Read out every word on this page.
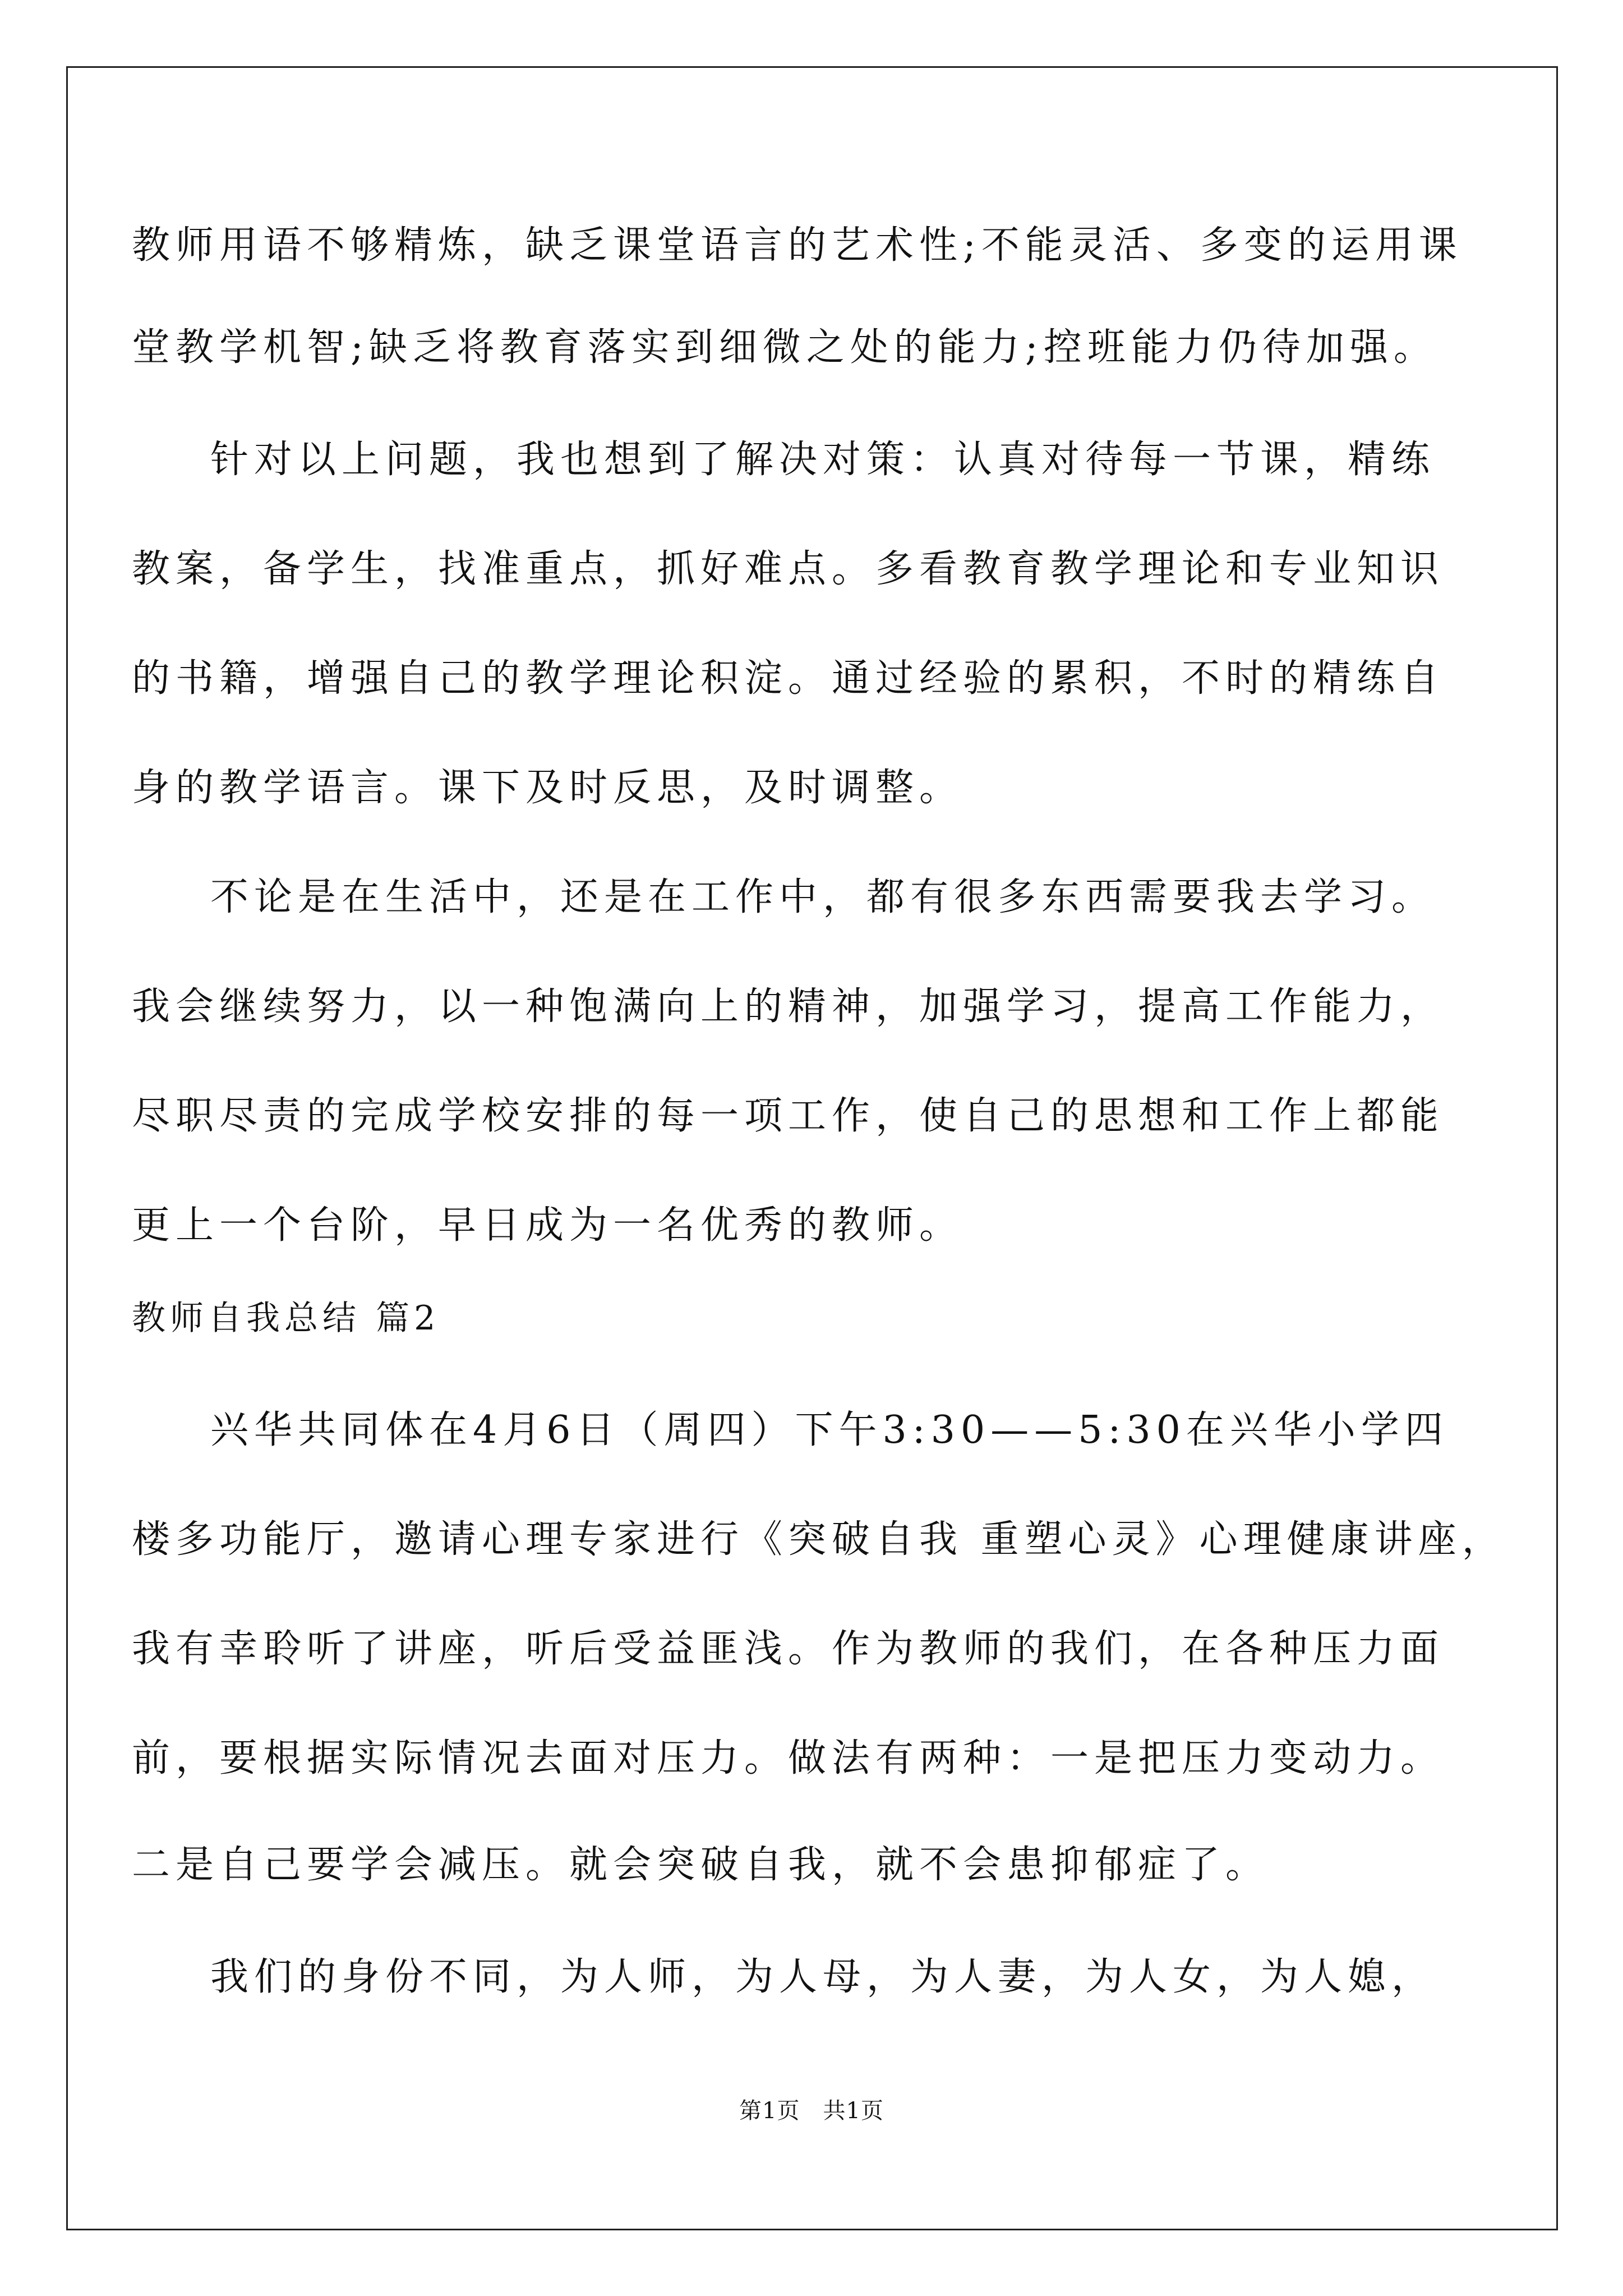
教师用语不够精炼，缺乏课堂语言的艺术性;不能灵活、多变的运用课
堂教学机智;缺乏将教育落实到细微之处的能力;控班能力仍待加强。
针对以上问题，我也想到了解决对策：认真对待每一节课，精练
教案，备学生，找准重点，抓好难点。多看教育教学理论和专业知识
的书籍，增强自己的教学理论积淀。通过经验的累积，不时的精练自
身的教学语言。课下及时反思，及时调整。
不论是在生活中，还是在工作中，都有很多东西需要我去学习。
我会继续努力，以一种饱满向上的精神，加强学习，提高工作能力，
尽职尽责的完成学校安排的每一项工作，使自己的思想和工作上都能
更上一个台阶，早日成为一名优秀的教师。
教师自我总结 篇2
兴华共同体在4月6日（周四）下午3:30——5:30在兴华小学四
楼多功能厅，邀请心理专家进行《突破自我 重塑心灵》心理健康讲座，
我有幸聆听了讲座，听后受益匪浅。作为教师的我们，在各种压力面
前，要根据实际情况去面对压力。做法有两种：一是把压力变动力。
二是自己要学会减压。就会突破自我，就不会患抑郁症了。
我们的身份不同，为人师，为人母，为人妻，为人女，为人媳，
第1页　共1页
